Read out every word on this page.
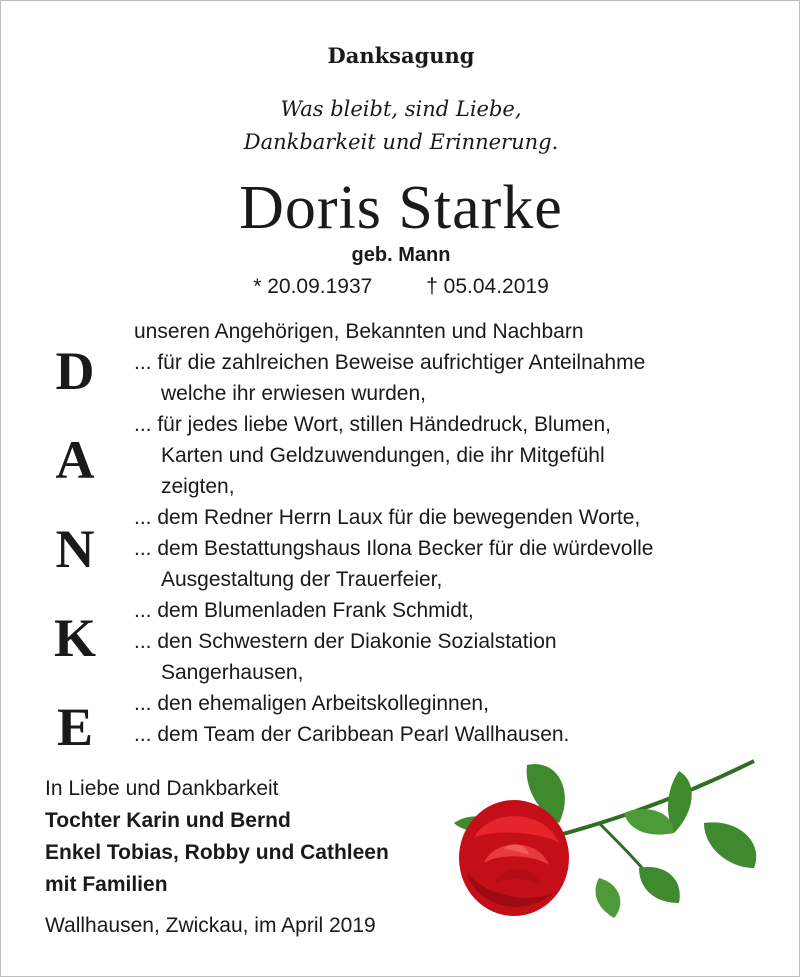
Danksagung
Was bleibt, sind Liebe,
Dankbarkeit und Erinnerung.
Doris Starke
geb. Mann
* 20.09.1937	† 05.04.2019
D
A
N
K
E
unseren Angehörigen, Bekannten und Nachbarn
... für die zahlreichen Beweise aufrichtiger Anteilnahme
welche ihr erwiesen wurden,
... für jedes liebe Wort, stillen Händedruck, Blumen,
Karten und Geldzuwendungen, die ihr Mitgefühl
zeigten,
... dem Redner Herrn Laux für die bewegenden Worte,
... dem Bestattungshaus Ilona Becker für die würdevolle
Ausgestaltung der Trauerfeier,
... dem Blumenladen Frank Schmidt,
... den Schwestern der Diakonie Sozialstation
Sangerhausen,
... den ehemaligen Arbeitskolleginnen,
... dem Team der Caribbean Pearl Wallhausen.
In Liebe und Dankbarkeit
Tochter Karin und Bernd
Enkel Tobias, Robby und Cathleen
mit Familien
Wallhausen, Zwickau, im April 2019
